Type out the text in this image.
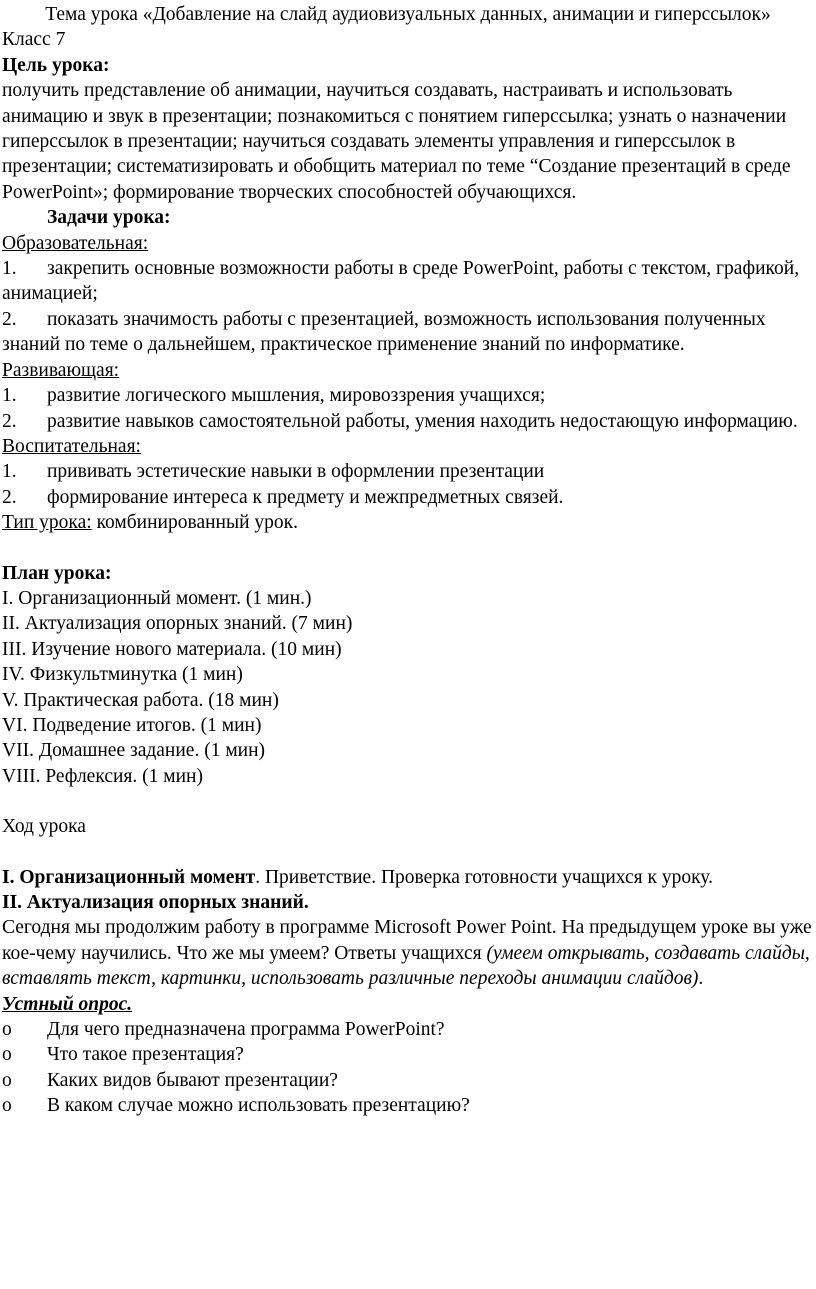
Тема урока «Добавление на слайд аудиовизуальных данных, анимации и гиперссылок»

Класс 7

Цель урока:

получить представление об анимации, научиться создавать, настраивать и использовать анимацию и звук в презентации; познакомиться с понятием гиперссылка; узнать о назначении гиперссылок в презентации; научиться создавать элементы управления и гиперссылок в презентации; систематизировать и обобщить материал по теме “Создание презентаций в среде PowerPoint»; формирование творческих способностей обучающихся.

Задачи урока:

Образовательная:

1. закрепить основные возможности работы в среде PowerPoint, работы с текстом, графикой, анимацией;

2. показать значимость работы с презентацией, возможность использования полученных знаний по теме о дальнейшем, практическое применение знаний по информатике.

Развивающая:

1. развитие логического мышления, мировоззрения учащихся;

2. развитие навыков самостоятельной работы, умения находить недостающую информацию.

Воспитательная:

1. прививать эстетические навыки в оформлении презентации

2. формирование интереса к предмету и межпредметных связей.

Тип урока: комбинированный урок.

План урока:

I. Организационный момент. (1 мин.)

II. Актуализация опорных знаний. (7 мин)

III. Изучение нового материала. (10 мин)

IV. Физкультминутка (1 мин)

V. Практическая работа. (18 мин)

VI. Подведение итогов. (1 мин)

VII. Домашнее задание. (1 мин)

VIII. Рефлексия. (1 мин)

Ход урока

I. Организационный момент. Приветствие. Проверка готовности учащихся к уроку.

II. Актуализация опорных знаний.

Сегодня мы продолжим работу в программе Microsoft Power Point. На предыдущем уроке вы уже кое-чему научились. Что же мы умеем? Ответы учащихся (умеем открывать, создавать слайды, вставлять текст, картинки, использовать различные переходы анимации слайдов).

Устный опрос.

o	Для чего предназначена программа PowerPoint?

o	Что такое презентация?

o	Каких видов бывают презентации?

o	В каком случае можно использовать презентацию?
